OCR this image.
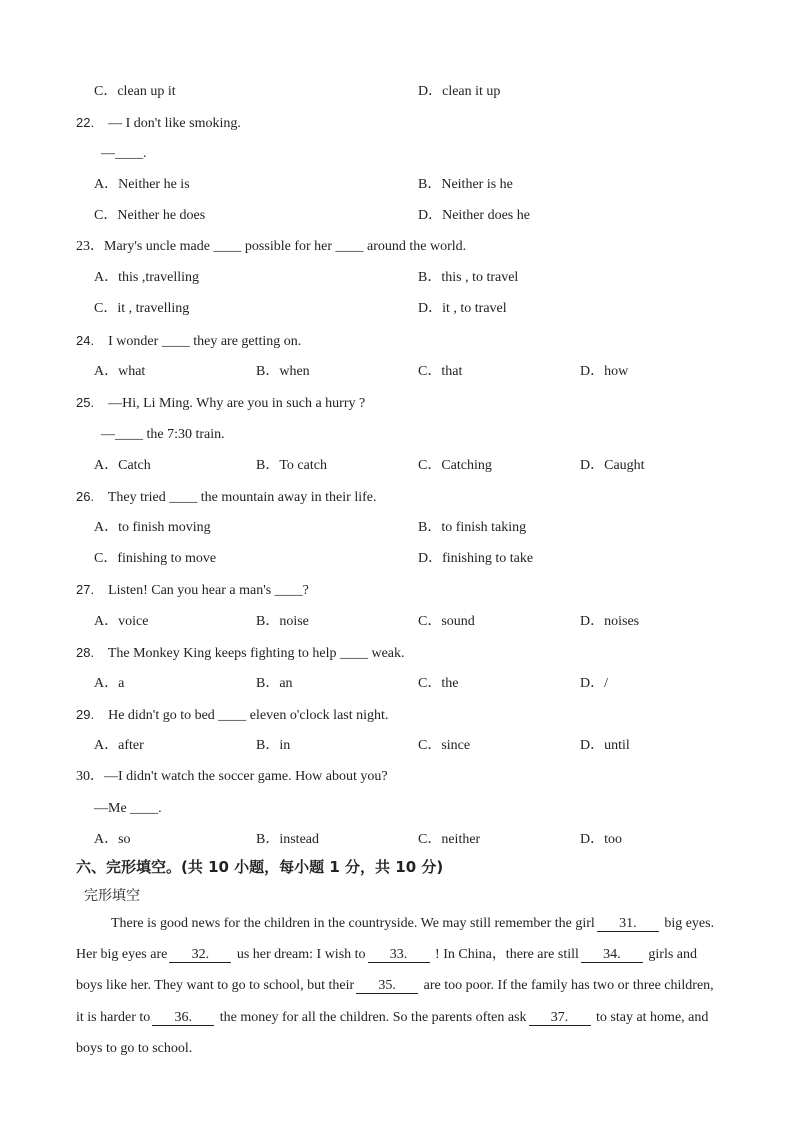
C．clean up it	D．clean it up
22. — I don't like smoking.
—____.
A．Neither he is	B．Neither is he
C．Neither he does	D．Neither does he
23．Mary's uncle made ____ possible for her ____ around the world.
A．this ,travelling	B．this , to travel
C．it , travelling	D．it , to travel
24. I wonder ____ they are getting on.
A．what	B．when	C．that	D．how
25. —Hi, Li Ming. Why are you in such a hurry ?
—____ the 7:30 train.
A．Catch	B．To catch	C．Catching	D．Caught
26. They tried ____ the mountain away in their life.
A．to finish moving	B．to finish taking
C．finishing to move	D．finishing to take
27. Listen! Can you hear a man's ____?
A．voice	B．noise	C．sound	D．noises
28. The Monkey King keeps fighting to help ____ weak.
A．a	B．an	C．the	D．/
29. He didn't go to bed ____ eleven o'clock last night.
A．after	B．in	C．since	D．until
30．—I didn't watch the soccer game. How about you?
—Me ____.
A．so	B．instead	C．neither	D．too
六、完形填空。(共 10 小题，每小题 1 分，共 10 分)
完形填空
There is good news for the children in the countryside. We may still remember the girl 31. big eyes.
Her big eyes are 32. us her dream: I wish to 33. ! In China，there are still 34. girls and
boys like her. They want to go to school, but their 35. are too poor. If the family has two or three children,
it is harder to 36. the money for all the children. So the parents often ask 37. to stay at home, and
boys to go to school.
